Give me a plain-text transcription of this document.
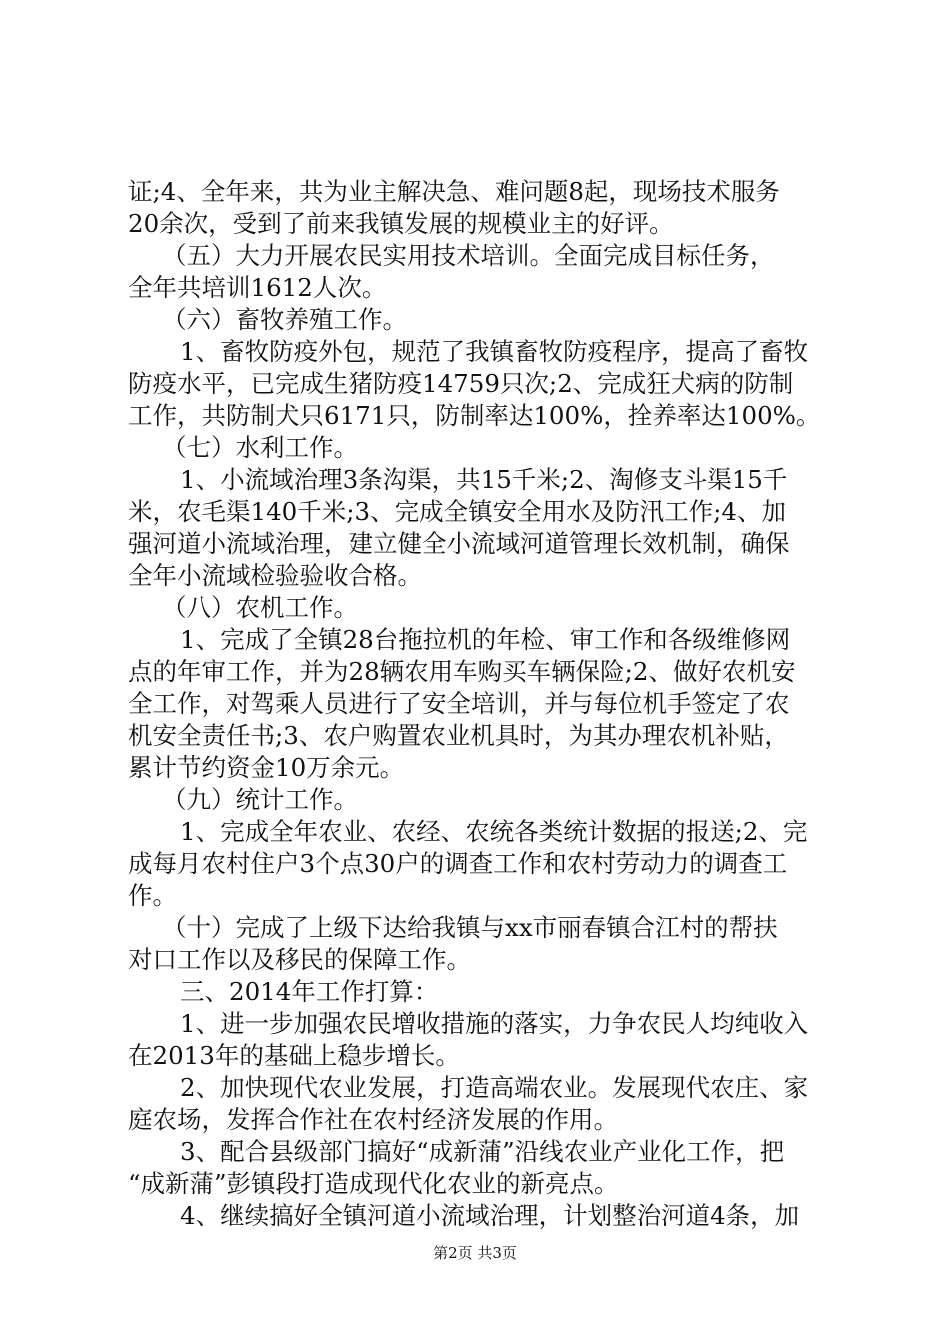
证;4、全年来，共为业主解决急、难问题8起，现场技术服务
20余次，受到了前来我镇发展的规模业主的好评。
（五）大力开展农民实用技术培训。全面完成目标任务，
全年共培训1612人次。
（六）畜牧养殖工作。
1、畜牧防疫外包，规范了我镇畜牧防疫程序，提高了畜牧
防疫水平，已完成生猪防疫14759只次;2、完成狂犬病的防制
工作，共防制犬只6171只，防制率达100%，拴养率达100%。
（七）水利工作。
1、小流域治理3条沟渠，共15千米;2、淘修支斗渠15千
米，农毛渠140千米;3、完成全镇安全用水及防汛工作;4、加
强河道小流域治理，建立健全小流域河道管理长效机制，确保
全年小流域检验验收合格。
（八）农机工作。
1、完成了全镇28台拖拉机的年检、审工作和各级维修网
点的年审工作，并为28辆农用车购买车辆保险;2、做好农机安
全工作，对驾乘人员进行了安全培训，并与每位机手签定了农
机安全责任书;3、农户购置农业机具时，为其办理农机补贴，
累计节约资金10万余元。
（九）统计工作。
1、完成全年农业、农经、农统各类统计数据的报送;2、完
成每月农村住户3个点30户的调查工作和农村劳动力的调查工
作。
（十）完成了上级下达给我镇与xx市丽春镇合江村的帮扶
对口工作以及移民的保障工作。
三、2014年工作打算：
1、进一步加强农民增收措施的落实，力争农民人均纯收入
在2013年的基础上稳步增长。
2、加快现代农业发展，打造高端农业。发展现代农庄、家
庭农场，发挥合作社在农村经济发展的作用。
3、配合县级部门搞好“成新蒲”沿线农业产业化工作，把
“成新蒲”彭镇段打造成现代化农业的新亮点。
4、继续搞好全镇河道小流域治理，计划整治河道4条，加
第2页 共3页
